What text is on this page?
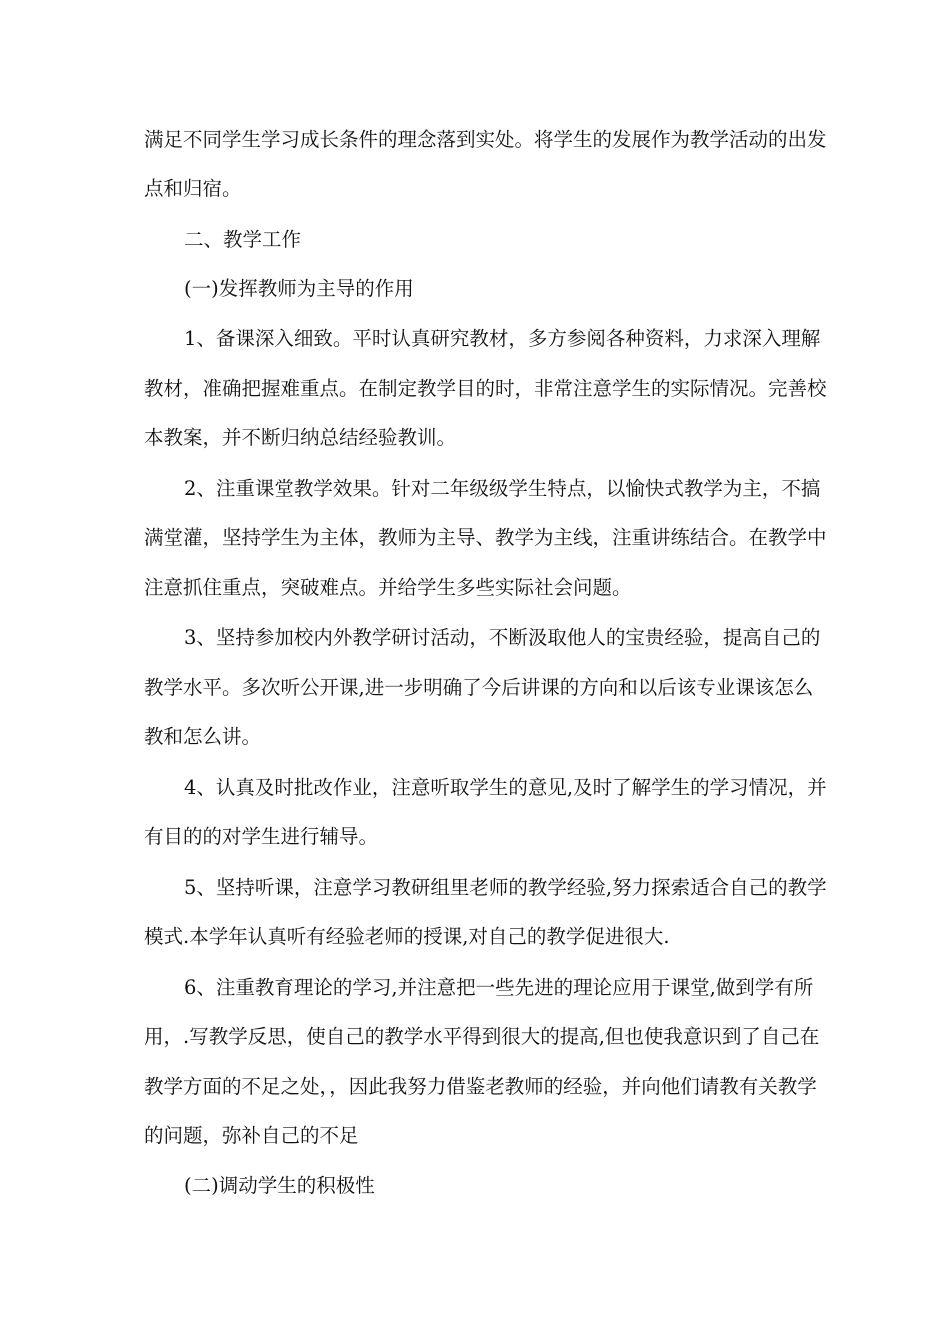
满足不同学生学习成长条件的理念落到实处。将学生的发展作为教学活动的出发
点和归宿。
二、教学工作
(一)发挥教师为主导的作用
1、备课深入细致。平时认真研究教材，多方参阅各种资料，力求深入理解
教材，准确把握难重点。在制定教学目的时，非常注意学生的实际情况。完善校
本教案，并不断归纳总结经验教训。
2、注重课堂教学效果。针对二年级级学生特点，以愉快式教学为主，不搞
满堂灌，坚持学生为主体，教师为主导、教学为主线，注重讲练结合。在教学中
注意抓住重点，突破难点。并给学生多些实际社会问题。
3、坚持参加校内外教学研讨活动，不断汲取他人的宝贵经验，提高自己的
教学水平。多次听公开课,进一步明确了今后讲课的方向和以后该专业课该怎么
教和怎么讲。
4、认真及时批改作业，注意听取学生的意见,及时了解学生的学习情况，并
有目的的对学生进行辅导。
5、坚持听课，注意学习教研组里老师的教学经验,努力探索适合自己的教学
模式.本学年认真听有经验老师的授课,对自己的教学促进很大.
6、注重教育理论的学习,并注意把一些先进的理论应用于课堂,做到学有所
用，.写教学反思，使自己的教学水平得到很大的提高,但也使我意识到了自己在
教学方面的不足之处，，因此我努力借鉴老教师的经验，并向他们请教有关教学
的问题，弥补自己的不足
(二)调动学生的积极性
